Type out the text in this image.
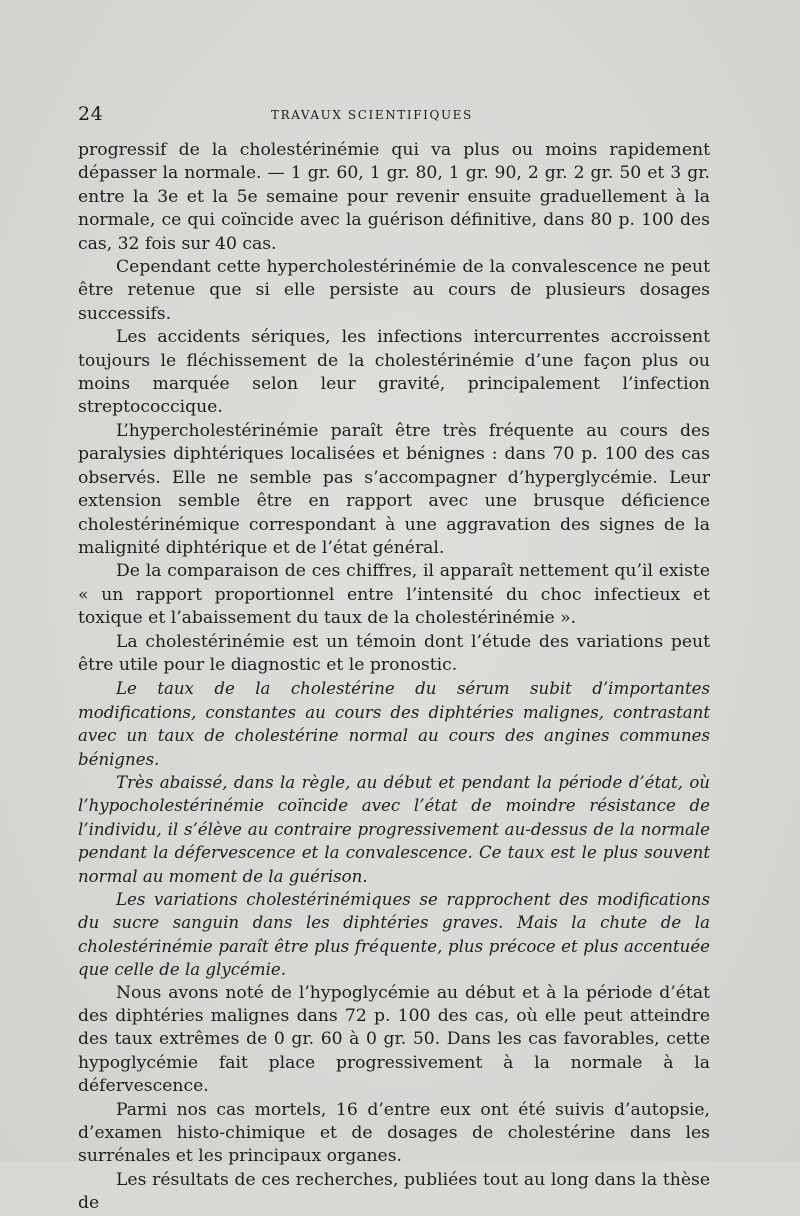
24	TRAVAUX SCIENTIFIQUES

progressif de la cholestérinémie qui va plus ou moins rapidement dépasser la normale. — 1 gr. 60, 1 gr. 80, 1 gr. 90, 2 gr. 2 gr. 50 et 3 gr. entre la 3e et la 5e semaine pour revenir ensuite graduellement à la normale, ce qui coïncide avec la guérison définitive, dans 80 p. 100 des cas, 32 fois sur 40 cas.

Cependant cette hypercholestérinémie de la convalescence ne peut être retenue que si elle persiste au cours de plusieurs dosages successifs.

Les accidents sériques, les infections intercurrentes accroissent toujours le fléchissement de la cholestérinémie d’une façon plus ou moins marquée selon leur gravité, principalement l’infection streptococcique.

L’hypercholestérinémie paraît être très fréquente au cours des paralysies diphtériques localisées et bénignes : dans 70 p. 100 des cas observés. Elle ne semble pas s’accompagner d’hyperglycémie. Leur extension semble être en rapport avec une brusque déficience cholestérinémique correspondant à une aggravation des signes de la malignité diphtérique et de l’état général.

De la comparaison de ces chiffres, il apparaît nettement qu’il existe « un rapport proportionnel entre l’intensité du choc infectieux et toxique et l’abaissement du taux de la cholestérinémie ».

La cholestérinémie est un témoin dont l’étude des variations peut être utile pour le diagnostic et le pronostic.

Le taux de la cholestérine du sérum subit d’importantes modifications, constantes au cours des diphtéries malignes, contrastant avec un taux de cholestérine normal au cours des angines communes bénignes.

Très abaissé, dans la règle, au début et pendant la période d’état, où l’hypocholestérinémie coïncide avec l’état de moindre résistance de l’individu, il s’élève au contraire progressivement au-dessus de la normale pendant la défervescence et la convalescence. Ce taux est le plus souvent normal au moment de la guérison.

Les variations cholestérinémiques se rapprochent des modifications du sucre sanguin dans les diphtéries graves. Mais la chute de la cholestérinémie paraît être plus fréquente, plus précoce et plus accentuée que celle de la glycémie.

Nous avons noté de l’hypoglycémie au début et à la période d’état des diphtéries malignes dans 72 p. 100 des cas, où elle peut atteindre des taux extrêmes de 0 gr. 60 à 0 gr. 50. Dans les cas favorables, cette hypoglycémie fait place progressivement à la normale à la défervescence.

Parmi nos cas mortels, 16 d’entre eux ont été suivis d’autopsie, d’examen histo-chimique et de dosages de cholestérine dans les surrénales et les principaux organes.

Les résultats de ces recherches, publiées tout au long dans la thèse de
